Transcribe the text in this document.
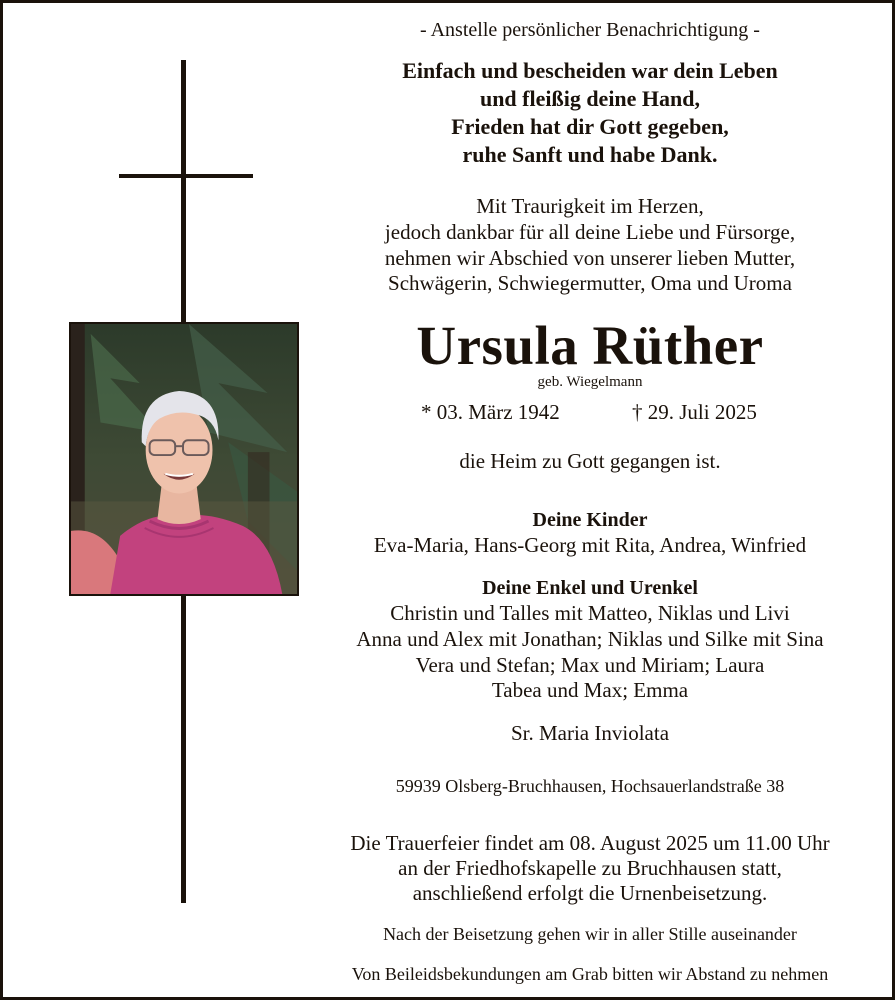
- Anstelle persönlicher Benachrichtigung -
Einfach und bescheiden war dein Leben
und fleißig deine Hand,
Frieden hat dir Gott gegeben,
ruhe Sanft und habe Dank.
Mit Traurigkeit im Herzen,
jedoch dankbar für all deine Liebe und Fürsorge,
nehmen wir Abschied von unserer lieben Mutter,
Schwägerin, Schwiegermutter, Oma und Uroma
Ursula Rüther
geb. Wiegelmann
* 03. März 1942	† 29. Juli 2025
die Heim zu Gott gegangen ist.
Deine Kinder
Eva-Maria, Hans-Georg mit Rita, Andrea, Winfried
Deine Enkel und Urenkel
Christin und Talles mit Matteo, Niklas und Livi
Anna und Alex mit Jonathan; Niklas und Silke mit Sina
Vera und Stefan; Max und Miriam; Laura
Tabea und Max; Emma
Sr. Maria Inviolata
59939 Olsberg-Bruchhausen, Hochsauerlandstraße 38
Die Trauerfeier findet am 08. August 2025 um 11.00 Uhr
an der Friedhofskapelle zu Bruchhausen statt,
anschließend erfolgt die Urnenbeisetzung.
Nach der Beisetzung gehen wir in aller Stille auseinander
Von Beileidsbekundungen am Grab bitten wir Abstand zu nehmen
